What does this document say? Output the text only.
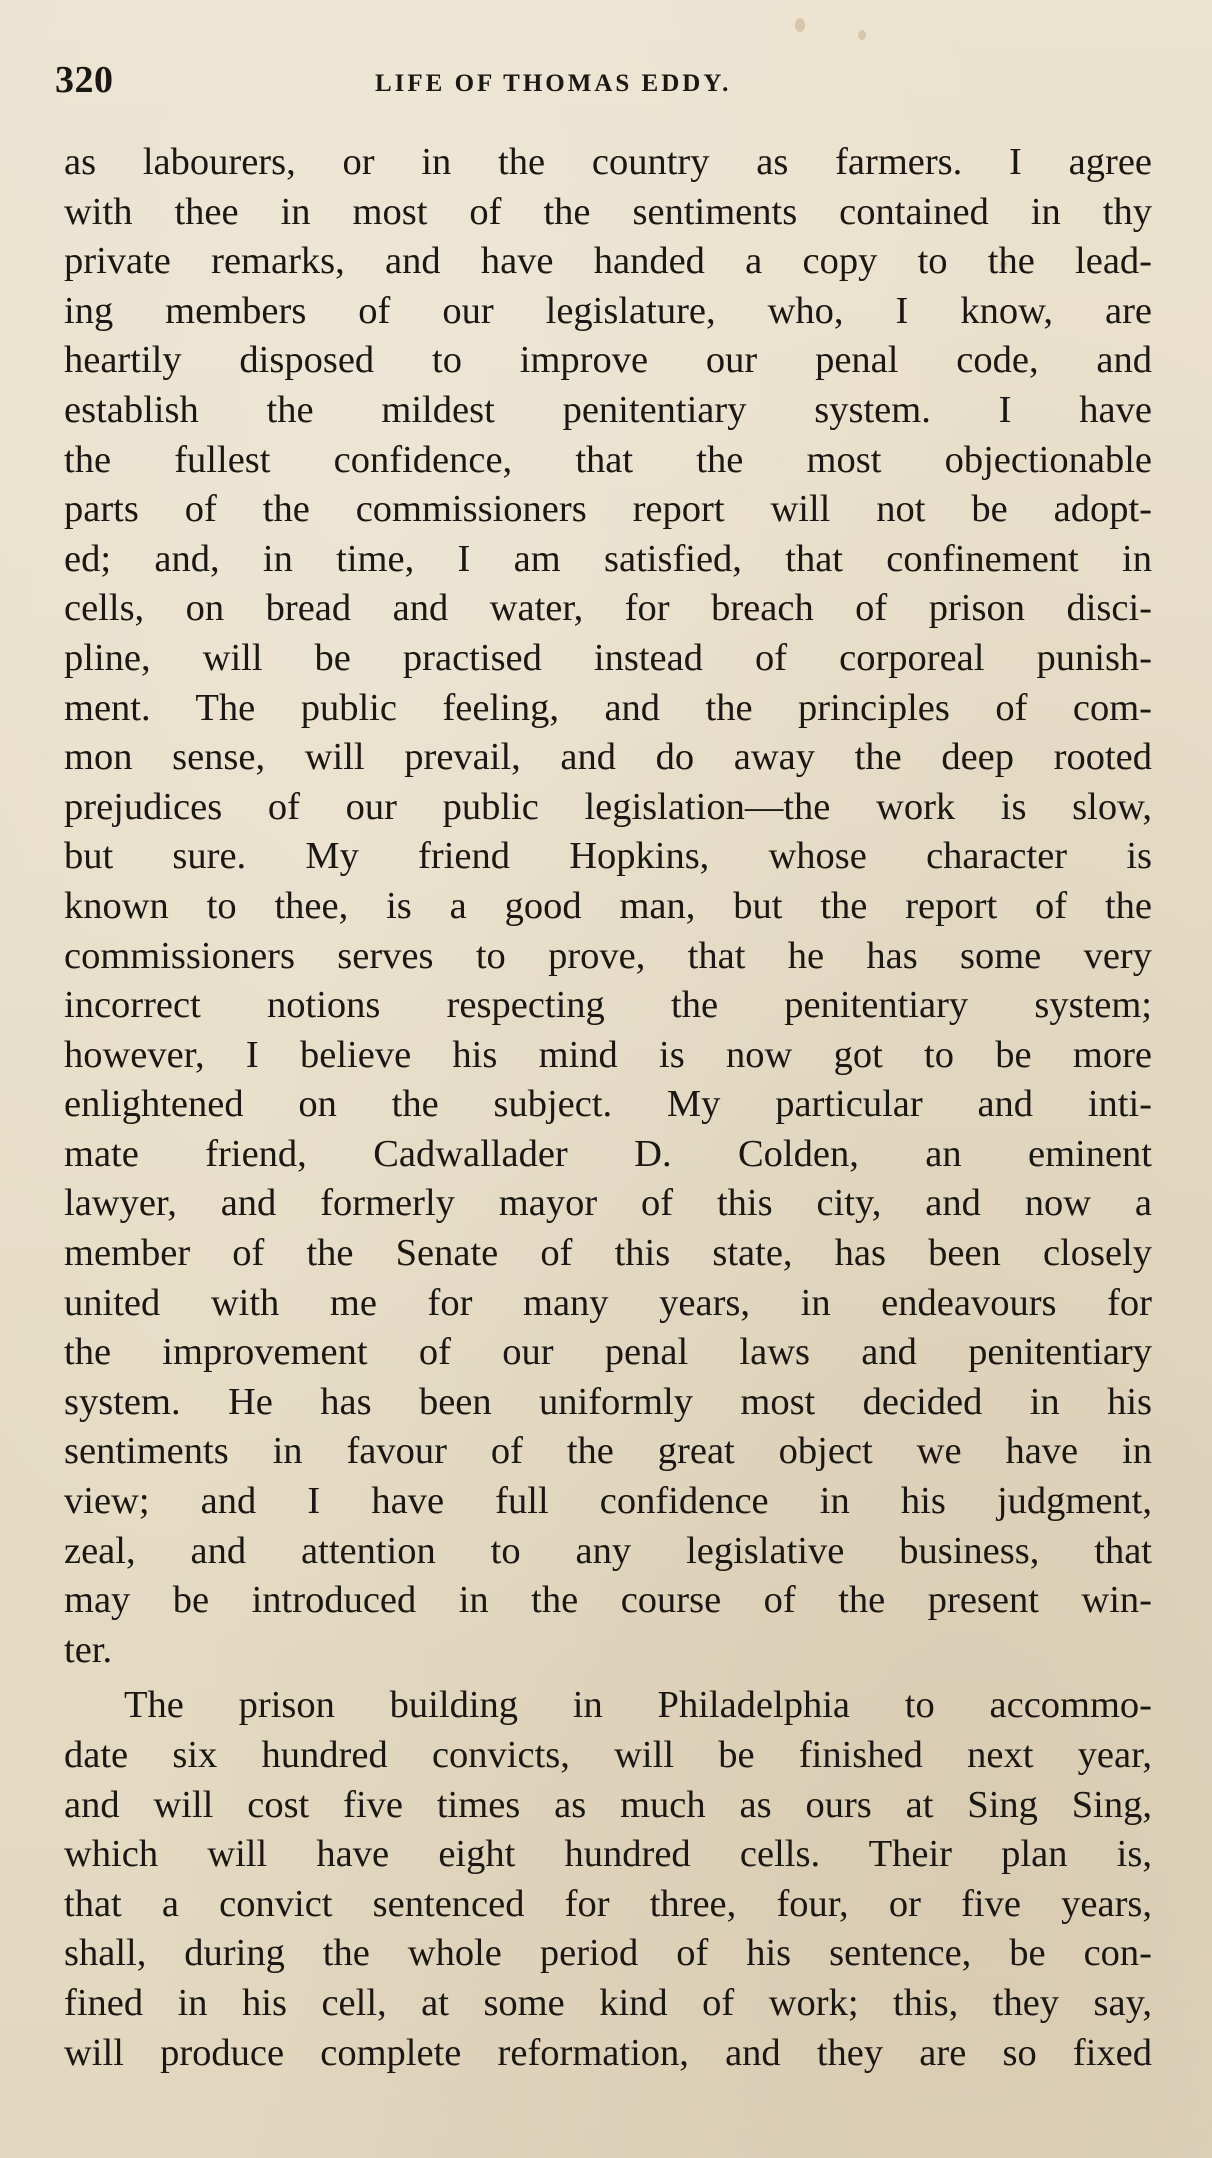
320	LIFE OF THOMAS EDDY.
as labourers, or in the country as farmers. I agree
with thee in most of the sentiments contained in thy
private remarks, and have handed a copy to the lead-
ing members of our legislature, who, I know, are
heartily disposed to improve our penal code, and
establish the mildest penitentiary system. I have
the fullest confidence, that the most objectionable
parts of the commissioners report will not be adopt-
ed; and, in time, I am satisfied, that confinement in
cells, on bread and water, for breach of prison disci-
pline, will be practised instead of corporeal punish-
ment. The public feeling, and the principles of com-
mon sense, will prevail, and do away the deep rooted
prejudices of our public legislation—the work is slow,
but sure. My friend Hopkins, whose character is
known to thee, is a good man, but the report of the
commissioners serves to prove, that he has some very
incorrect notions respecting the penitentiary system;
however, I believe his mind is now got to be more
enlightened on the subject. My particular and inti-
mate friend, Cadwallader D. Colden, an eminent
lawyer, and formerly mayor of this city, and now a
member of the Senate of this state, has been closely
united with me for many years, in endeavours for
the improvement of our penal laws and penitentiary
system. He has been uniformly most decided in his
sentiments in favour of the great object we have in
view; and I have full confidence in his judgment,
zeal, and attention to any legislative business, that
may be introduced in the course of the present win-
ter.
The prison building in Philadelphia to accommo-
date six hundred convicts, will be finished next year,
and will cost five times as much as ours at Sing Sing,
which will have eight hundred cells. Their plan is,
that a convict sentenced for three, four, or five years,
shall, during the whole period of his sentence, be con-
fined in his cell, at some kind of work; this, they say,
will produce complete reformation, and they are so fixed
